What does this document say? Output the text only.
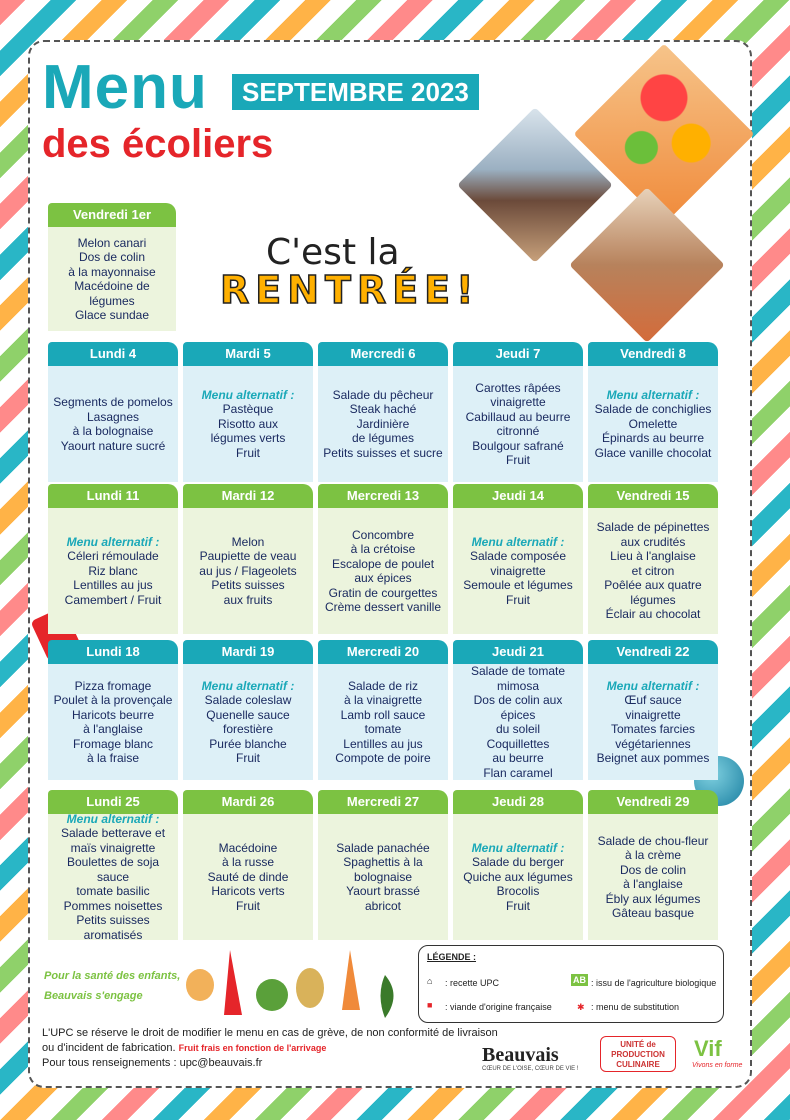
Menu
des écoliers
SEPTEMBRE 2023
C'est la
RENTRÉE!
Vendredi 1er
Melon canari
Dos de colin
à la mayonnaise
Macédoine de légumes
Glace sundae
Lundi 4
Segments de pomelos
Lasagnes
à la bolognaise
Yaourt nature sucré
Mardi 5
Menu alternatif :
Pastèque
Risotto aux
légumes verts
Fruit
Mercredi 6
Salade du pêcheur
Steak haché
Jardinière
de légumes
Petits suisses et sucre
Jeudi 7
Carottes râpées
vinaigrette
Cabillaud au beurre
citronné
Boulgour safrané
Fruit
Vendredi 8
Menu alternatif :
Salade de conchiglies
Omelette
Épinards au beurre
Glace vanille chocolat
Lundi 11
Menu alternatif :
Céleri rémoulade
Riz blanc
Lentilles au jus
Camembert / Fruit
Mardi 12
Melon
Paupiette de veau
au jus / Flageolets
Petits suisses
aux fruits
Mercredi 13
Concombre
à la crétoise
Escalope de poulet
aux épices
Gratin de courgettes
Crème dessert vanille
Jeudi 14
Menu alternatif :
Salade composée
vinaigrette
Semoule et légumes
Fruit
Vendredi 15
Salade de pépinettes
aux crudités
Lieu à l'anglaise
et citron
Poêlée aux quatre
légumes
Éclair au chocolat
Lundi 18
Pizza fromage
Poulet à la provençale
Haricots beurre
à l'anglaise
Fromage blanc
à la fraise
Mardi 19
Menu alternatif :
Salade coleslaw
Quenelle sauce
forestière
Purée blanche
Fruit
Mercredi 20
Salade de riz
à la vinaigrette
Lamb roll sauce tomate
Lentilles au jus
Compote de poire
Jeudi 21
Salade de tomate
mimosa
Dos de colin aux épices
du soleil
Coquillettes
au beurre
Flan caramel
Vendredi 22
Menu alternatif :
Œuf sauce
vinaigrette
Tomates farcies
végétariennes
Beignet aux pommes
Lundi 25
Menu alternatif :
Salade betterave et
maïs vinaigrette
Boulettes de soja sauce
tomate basilic
Pommes noisettes
Petits suisses aromatisés
Mardi 26
Macédoine
à la russe
Sauté de dinde
Haricots verts
Fruit
Mercredi 27
Salade panachée
Spaghettis à la
bolognaise
Yaourt brassé
abricot
Jeudi 28
Menu alternatif :
Salade du berger
Quiche aux légumes
Brocolis
Fruit
Vendredi 29
Salade de chou-fleur
à la crème
Dos de colin
à l'anglaise
Ébly aux légumes
Gâteau basque
Pour la santé des enfants,
Beauvais s'engage
LÉGENDE :
⌂ : recette UPC
■ : viande d'origine française
AB : issu de l'agriculture biologique
✱ : menu de substitution
L'UPC se réserve le droit de modifier le menu en cas de grève, de non conformité de livraison
ou d'incident de fabrication. Fruit frais en fonction de l'arrivage
Pour tous renseignements : upc@beauvais.fr	Beauvais
CŒUR DE L'OISE, CŒUR DE VIE !
UNITÉ de PRODUCTION CULINAIRE
Vif
Vivons en forme
